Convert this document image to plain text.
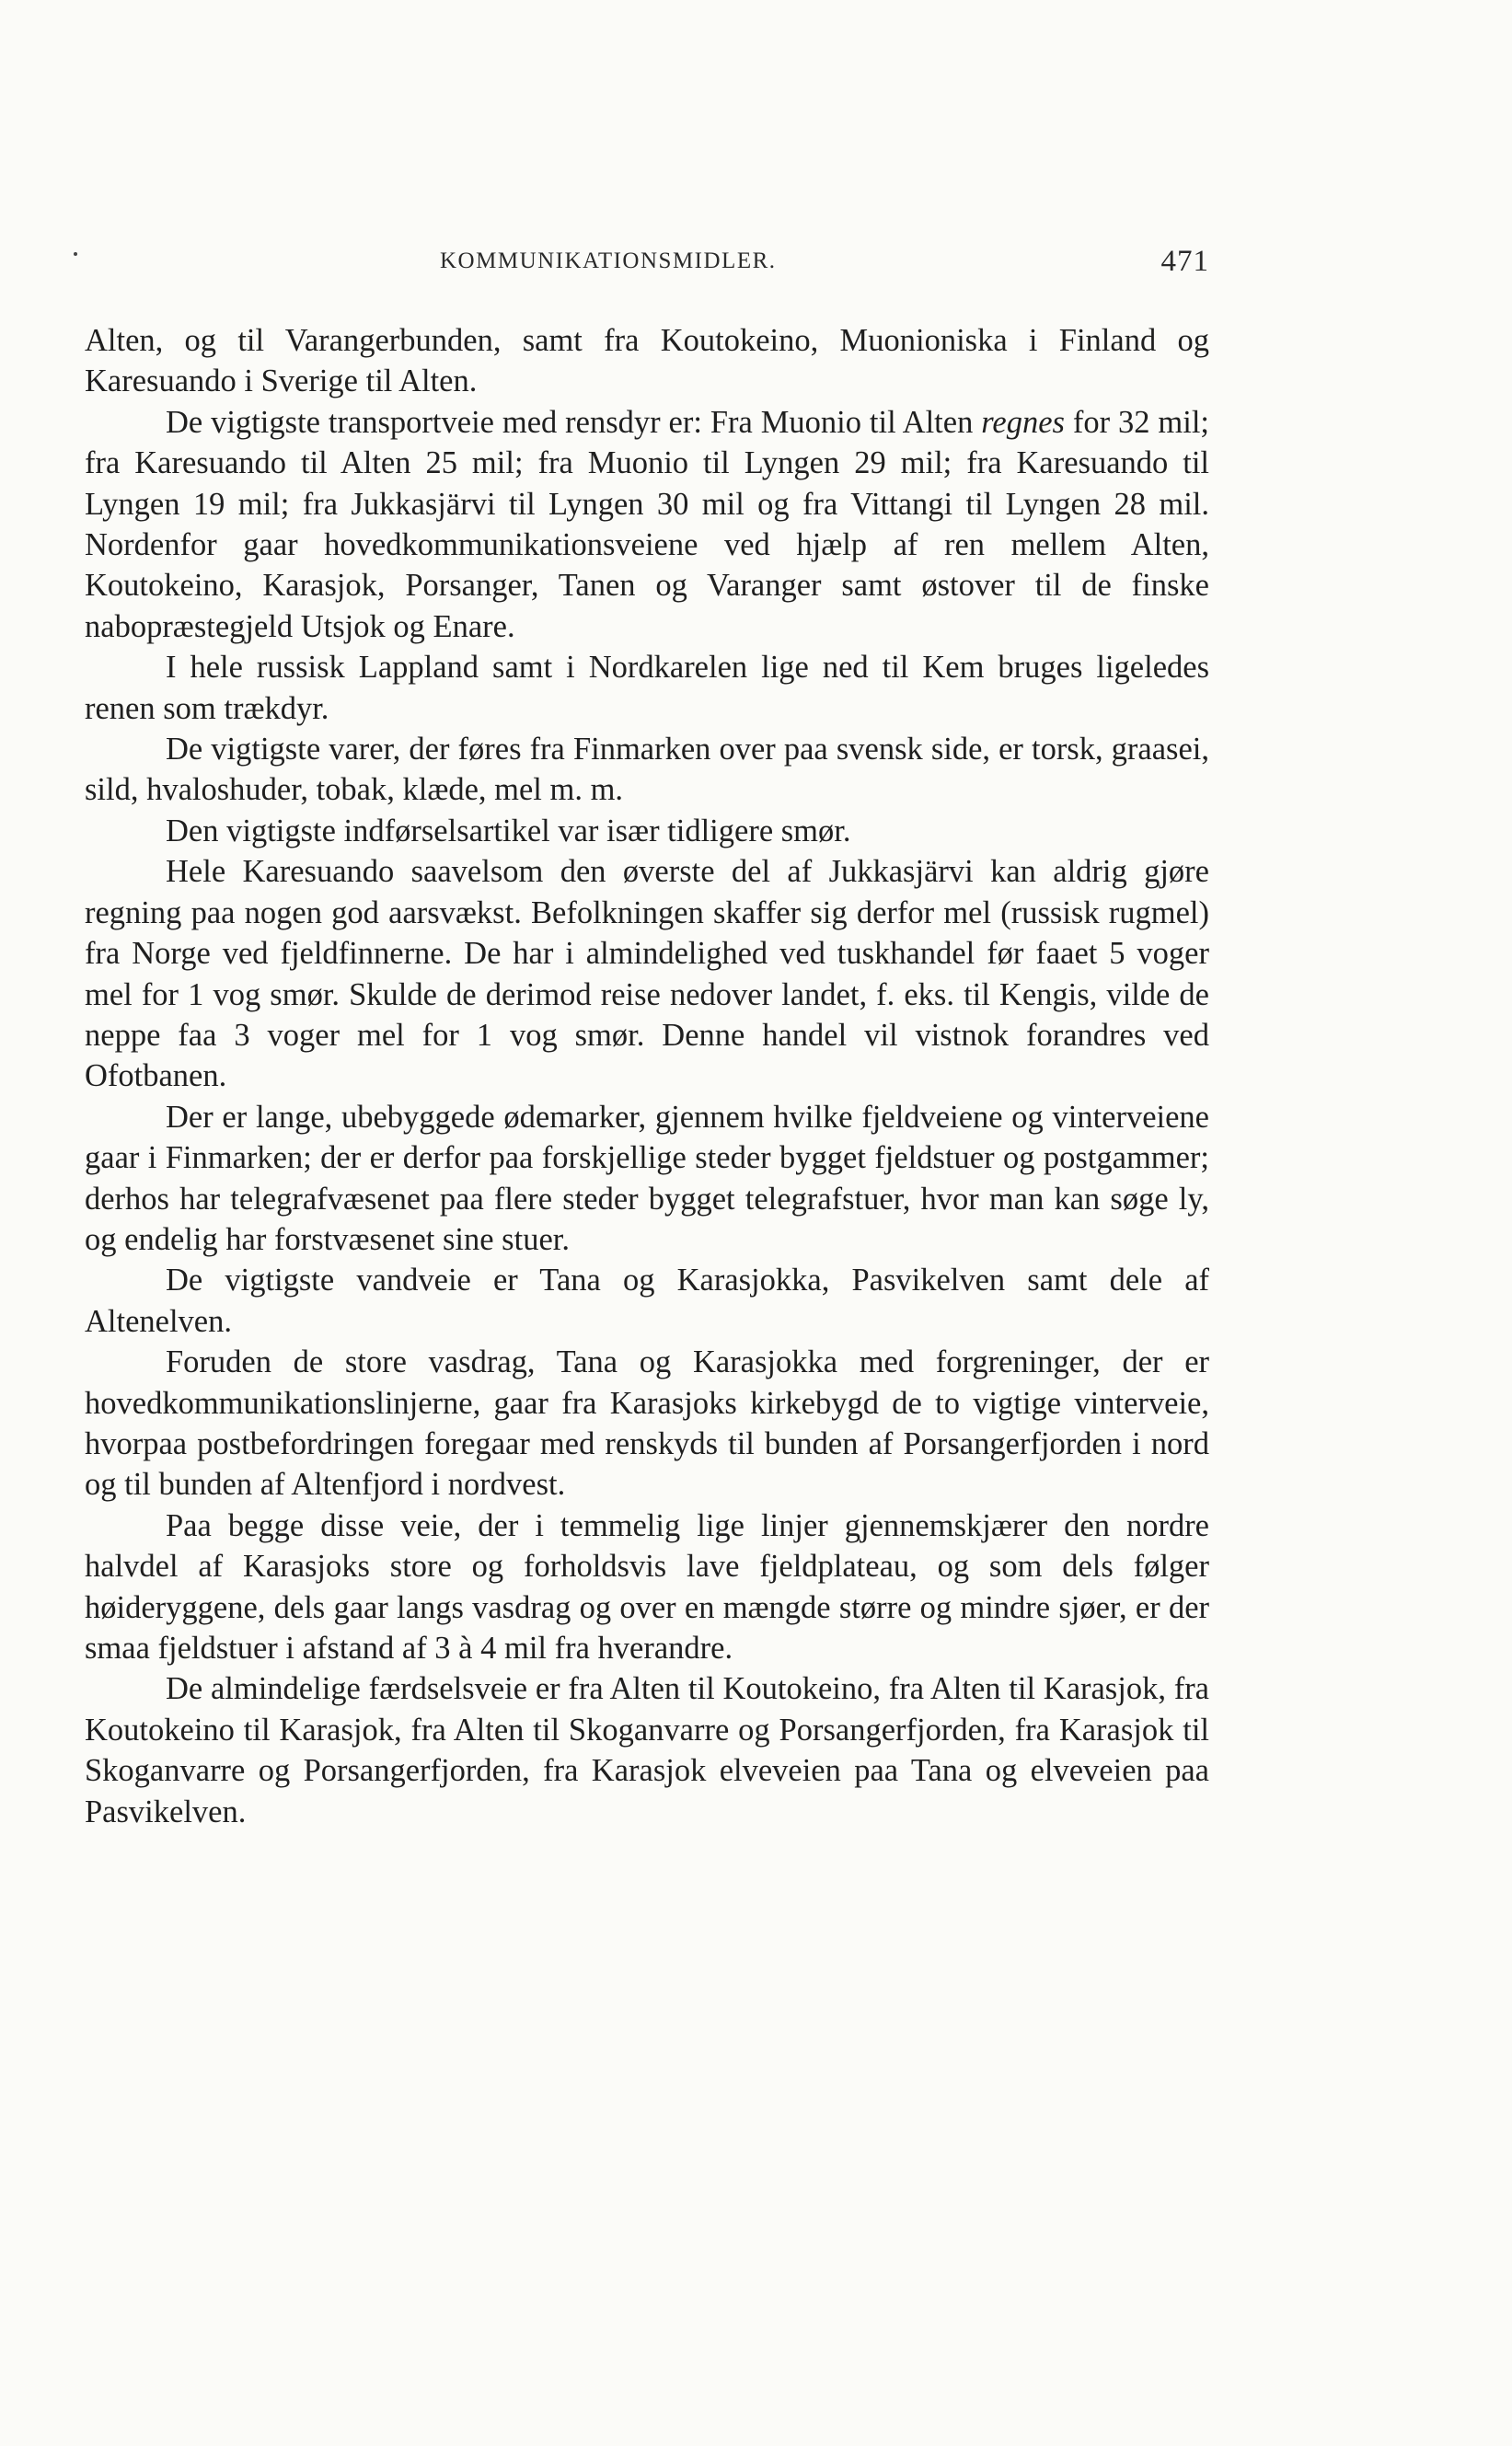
KOMMUNIKATIONSMIDLER.	471

Alten, og til Varangerbunden, samt fra Koutokeino, Muonioniska i Finland og Karesuando i Sverige til Alten.

De vigtigste transportveie med rensdyr er: Fra Muonio til Alten regnes for 32 mil; fra Karesuando til Alten 25 mil; fra Muonio til Lyngen 29 mil; fra Karesuando til Lyngen 19 mil; fra Jukkasjärvi til Lyngen 30 mil og fra Vittangi til Lyngen 28 mil. Nordenfor gaar hovedkommunikationsveiene ved hjælp af ren mellem Alten, Koutokeino, Karasjok, Porsanger, Tanen og Varanger samt østover til de finske nabopræstegjeld Utsjok og Enare.

I hele russisk Lappland samt i Nordkarelen lige ned til Kem bruges ligeledes renen som trækdyr.

De vigtigste varer, der føres fra Finmarken over paa svensk side, er torsk, graasei, sild, hvaloshuder, tobak, klæde, mel m. m.

Den vigtigste indførselsartikel var især tidligere smør.

Hele Karesuando saavelsom den øverste del af Jukkasjärvi kan aldrig gjøre regning paa nogen god aarsvækst. Befolkningen skaffer sig derfor mel (russisk rugmel) fra Norge ved fjeldfinnerne. De har i almindelighed ved tuskhandel før faaet 5 voger mel for 1 vog smør. Skulde de derimod reise nedover landet, f. eks. til Kengis, vilde de neppe faa 3 voger mel for 1 vog smør. Denne handel vil vistnok forandres ved Ofotbanen.

Der er lange, ubebyggede ødemarker, gjennem hvilke fjeldveiene og vinterveiene gaar i Finmarken; der er derfor paa forskjellige steder bygget fjeldstuer og postgammer; derhos har telegrafvæsenet paa flere steder bygget telegrafstuer, hvor man kan søge ly, og endelig har forstvæsenet sine stuer.

De vigtigste vandveie er Tana og Karasjokka, Pasvikelven samt dele af Altenelven.

Foruden de store vasdrag, Tana og Karasjokka med forgreninger, der er hovedkommunikationslinjerne, gaar fra Karasjoks kirkebygd de to vigtige vinterveie, hvorpaa postbefordringen foregaar med renskyds til bunden af Porsangerfjorden i nord og til bunden af Altenfjord i nordvest.

Paa begge disse veie, der i temmelig lige linjer gjennemskjærer den nordre halvdel af Karasjoks store og forholdsvis lave fjeldplateau, og som dels følger høideryggene, dels gaar langs vasdrag og over en mængde større og mindre sjøer, er der smaa fjeldstuer i afstand af 3 à 4 mil fra hverandre.

De almindelige færdselsveie er fra Alten til Koutokeino, fra Alten til Karasjok, fra Koutokeino til Karasjok, fra Alten til Skoganvarre og Porsangerfjorden, fra Karasjok til Skoganvarre og Porsangerfjorden, fra Karasjok elveveien paa Tana og elveveien paa Pasvikelven.
